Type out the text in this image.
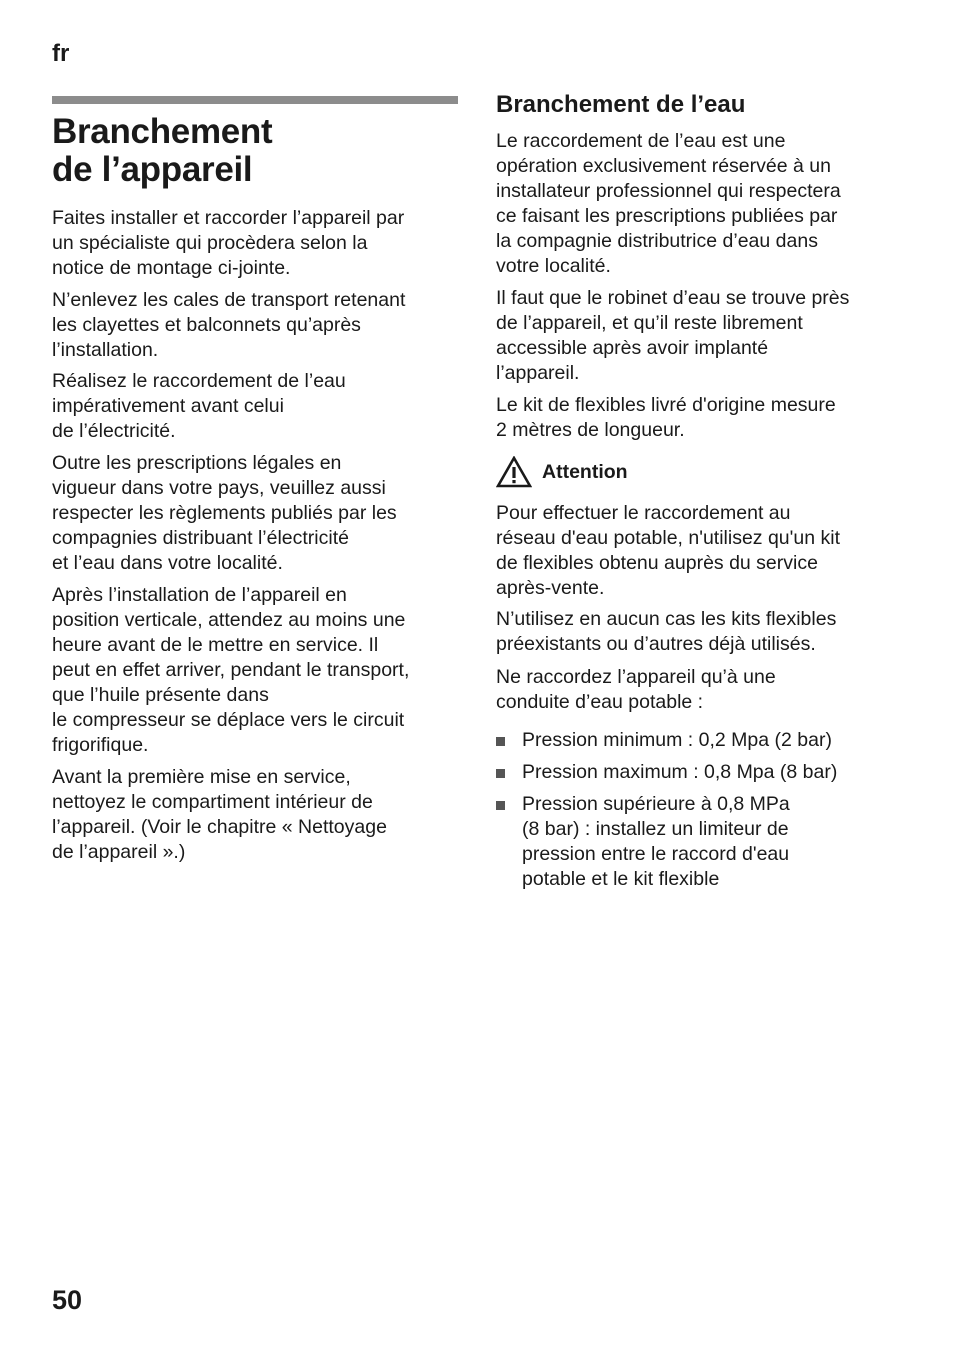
fr
Branchement
de l’appareil

Faites installer et raccorder l’appareil par
un spécialiste qui procèdera selon la
notice de montage ci-jointe.

N’enlevez les cales de transport retenant
les clayettes et balconnets qu’après
l’installation.

Réalisez le raccordement de l’eau
impérativement avant celui
de l’électricité.

Outre les prescriptions légales en
vigueur dans votre pays, veuillez aussi
respecter les règlements publiés par les
compagnies distribuant l’électricité
et l’eau dans votre localité.

Après l’installation de l’appareil en
position verticale, attendez au moins une
heure avant de le mettre en service. Il
peut en effet arriver, pendant le transport,
que l’huile présente dans
le compresseur se déplace vers le circuit
frigorifique.

Avant la première mise en service,
nettoyez le compartiment intérieur de
l’appareil. (Voir le chapitre « Nettoyage
de l’appareil ».)

Branchement de l’eau

Le raccordement de l’eau est une
opération exclusivement réservée à un
installateur professionnel qui respectera
ce faisant les prescriptions publiées par
la compagnie distributrice d’eau dans
votre localité.

Il faut que le robinet d’eau se trouve près
de l’appareil, et qu’il reste librement
accessible après avoir implanté
l’appareil.

Le kit de flexibles livré d'origine mesure
2 mètres de longueur.

Attention

Pour effectuer le raccordement au
réseau d'eau potable, n'utilisez qu'un kit
de flexibles obtenu auprès du service
après-vente.

N’utilisez en aucun cas les kits flexibles
préexistants ou d’autres déjà utilisés.

Ne raccordez l’appareil qu’à une
conduite d’eau potable :

Pression minimum : 0,2 Mpa (2 bar)
Pression maximum : 0,8 Mpa (8 bar)
Pression supérieure à 0,8 MPa
(8 bar) : installez un limiteur de
pression entre le raccord d'eau
potable et le kit flexible
50
